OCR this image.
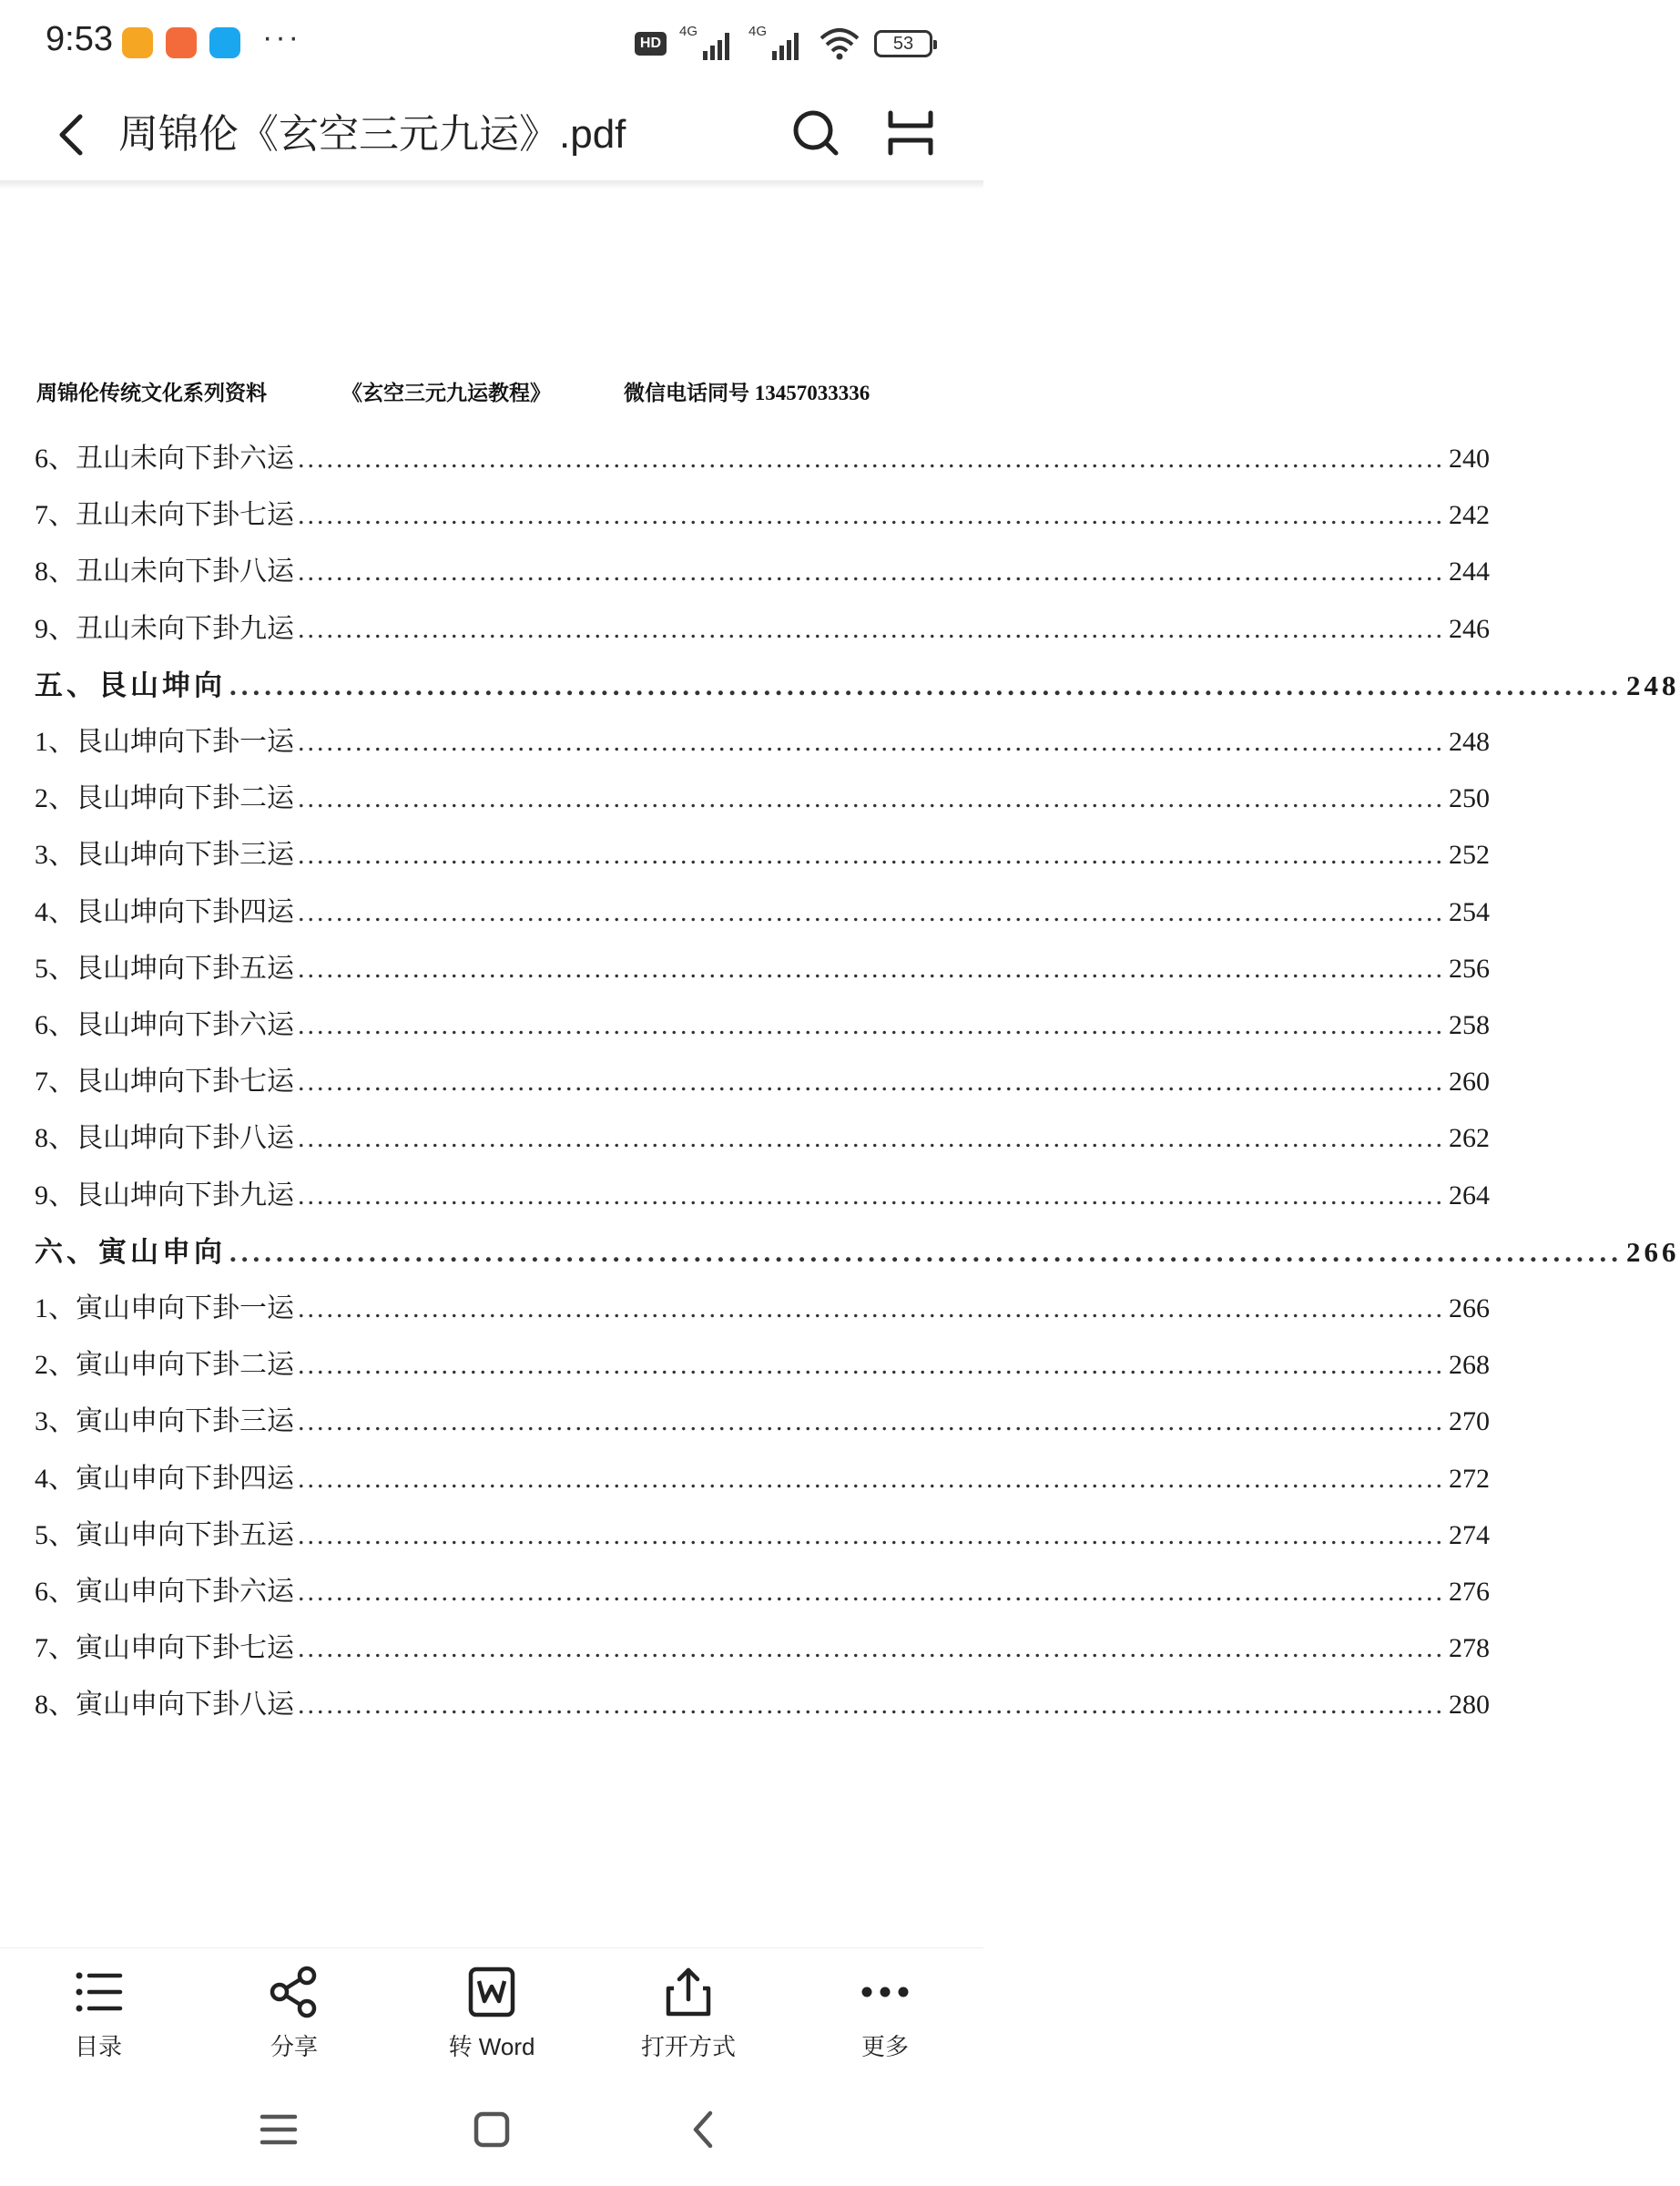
9:53	···	HD
4G	4G
53
周锦伦《玄空三元九运》.pdf
周锦伦传统文化系列资料	《玄空三元九运教程》	微信电话同号 13457033336
6、丑山未向下卦六运 ........................................................................................................................ 240
7、丑山未向下卦七运 ........................................................................................................................ 242
8、丑山未向下卦八运 ........................................................................................................................ 244
9、丑山未向下卦九运 ........................................................................................................................ 246
五、艮山坤向 ........................................................................................................................ 248
1、艮山坤向下卦一运 ........................................................................................................................ 248
2、艮山坤向下卦二运 ........................................................................................................................ 250
3、艮山坤向下卦三运 ........................................................................................................................ 252
4、艮山坤向下卦四运 ........................................................................................................................ 254
5、艮山坤向下卦五运 ........................................................................................................................ 256
6、艮山坤向下卦六运 ........................................................................................................................ 258
7、艮山坤向下卦七运 ........................................................................................................................ 260
8、艮山坤向下卦八运 ........................................................................................................................ 262
9、艮山坤向下卦九运 ........................................................................................................................ 264
六、寅山申向 ........................................................................................................................ 266
1、寅山申向下卦一运 ........................................................................................................................ 266
2、寅山申向下卦二运 ........................................................................................................................ 268
3、寅山申向下卦三运 ........................................................................................................................ 270
4、寅山申向下卦四运 ........................................................................................................................ 272
5、寅山申向下卦五运 ........................................................................................................................ 274
6、寅山申向下卦六运 ........................................................................................................................ 276
7、寅山申向下卦七运 ........................................................................................................................ 278
8、寅山申向下卦八运 ........................................................................................................................ 280
目录	分享	转 Word	打开方式	更多
